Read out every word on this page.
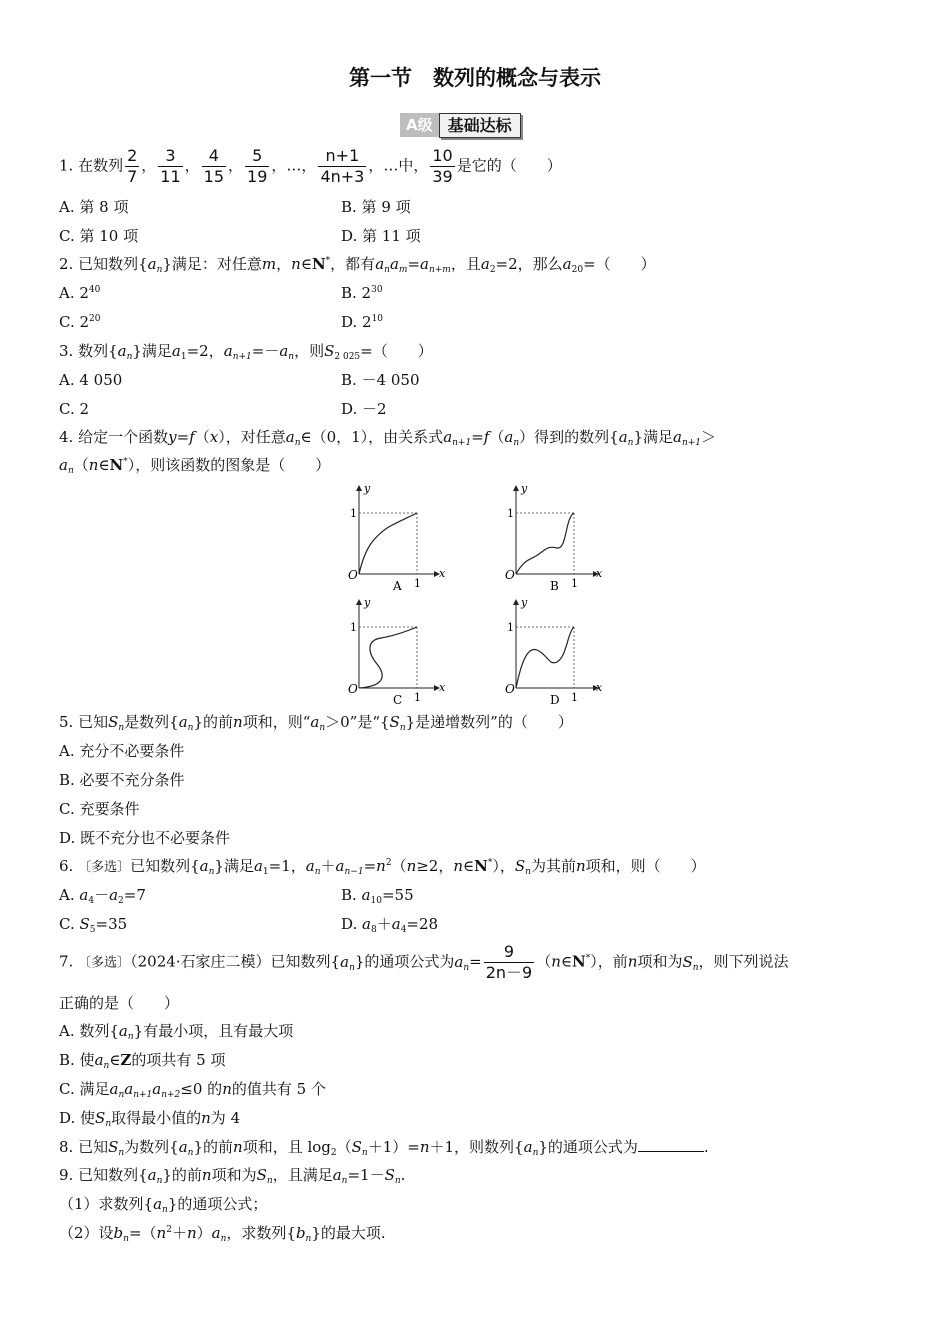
第一节　数列的概念与表示
A级 基础达标
1. 在数列 $\frac{2}{7}$ ， $\frac{3}{11}$ ， $\frac{4}{15}$ ， $\frac{5}{19}$ ，…， $\frac{n+1}{4n+3}$ ，…中， $\frac{10}{39}$ 是它的（　　）
A. 第 8 项	B. 第 9 项
C. 第 10 项	D. 第 11 项
2. 已知数列$\{a_n\}$满足：对任意m，n∈N*，都有$a_na_m=a_{n+m}$，且$a_2=2$，那么$a_{20}=$（　　）
A. $2^{40}$	B. $2^{30}$
C. $2^{20}$	D. $2^{10}$
3. 数列$\{a_n\}$满足$a_1=2$，$a_{n+1}=-a_n$，则$S_{2 025}=$（　　）
A. 4 050	B. －4 050
C. 2	D. －2
4. 给定一个函数y=f（x），对任意$a_n\in(0$，1），由关系式$a_{n+1}=f(a_n)$得到的数列$\{a_n\}$满足$a_{n+1}>$
$a_n(n\in N^*)$，则该函数的图象是（　　）
O
1
1
x
y
A
O
1
1
x
y
B
O
1
1
x
y
C
O
1
1
x
y
D
5. 已知$S_n$是数列$\{a_n\}$的前n项和，则“$a_n>0$”是“$\{S_n\}$是递增数列”的（　　）
A. 充分不必要条件
B. 必要不充分条件
C. 充要条件
D. 既不充分也不必要条件
6. 〔多选〕已知数列$\{a_n\}$满足$a_1=1$，$a_n+a_{n-1}=n^2(n\ge 2$，n∈N*），$S_n$为其前n项和，则（　　）
A. $a_4-a_2=7$	B. $a_{10}=55$
C. $S_5=35$	D. $a_8+a_4=28$
7. 〔多选〕（2024·石家庄二模）已知数列$\{a_n\}$的通项公式为$a_n= \frac{9}{2n-9}$ （n∈N*），前n项和为$S_n$，则下列说法
正确的是（　　）
A. 数列$\{a_n\}$有最小项，且有最大项
B. 使$a_n\in Z$的项共有 5 项
C. 满足$a_na_{n+1}a_{n+2}\le 0$ 的n的值共有 5 个
D. 使$S_n$取得最小值的n为 4
8. 已知$S_n$为数列$\{a_n\}$的前n项和，且 $\log_2(S_n+1)=n+1$，则数列$\{a_n\}$的通项公式为	.
9. 已知数列$\{a_n\}$的前n项和为$S_n$，且满足$a_n=1-S_n$.
（1）求数列$\{a_n\}$的通项公式；
（2）设$b_n=(n^2+n)a_n$，求数列$\{b_n\}$的最大项.
